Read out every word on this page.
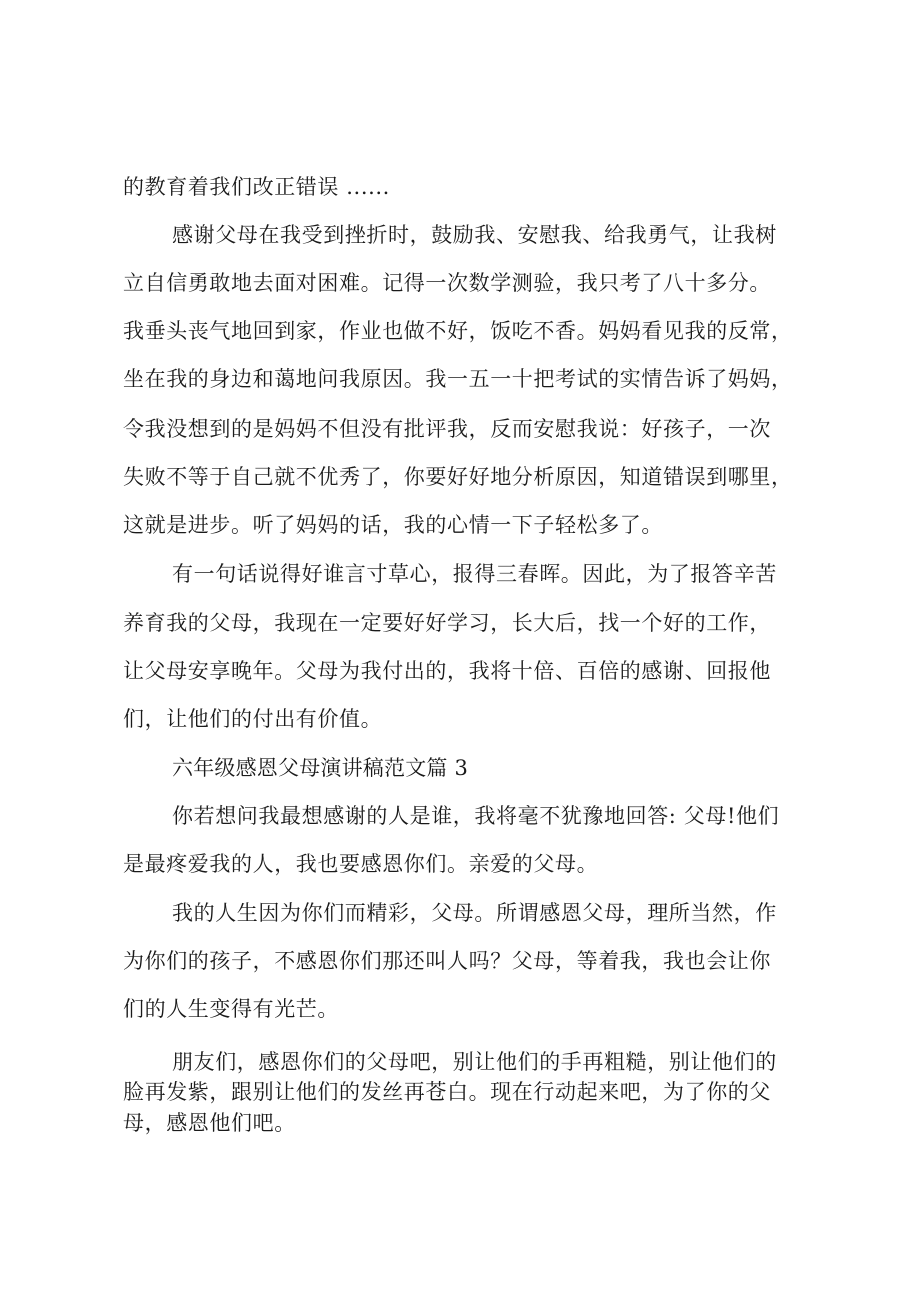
的教育着我们改正错误 ......

感谢父母在我受到挫折时，鼓励我、安慰我、给我勇气，让我树

立自信勇敢地去面对困难。记得一次数学测验，我只考了八十多分。

我垂头丧气地回到家，作业也做不好，饭吃不香。妈妈看见我的反常，

坐在我的身边和蔼地问我原因。我一五一十把考试的实情告诉了妈妈，

令我没想到的是妈妈不但没有批评我，反而安慰我说：好孩子，一次

失败不等于自己就不优秀了，你要好好地分析原因，知道错误到哪里，

这就是进步。听了妈妈的话，我的心情一下子轻松多了。

有一句话说得好谁言寸草心，报得三春晖。因此，为了报答辛苦

养育我的父母，我现在一定要好好学习，长大后，找一个好的工作，

让父母安享晚年。父母为我付出的，我将十倍、百倍的感谢、回报他

们，让他们的付出有价值。

六年级感恩父母演讲稿范文篇 3

你若想问我最想感谢的人是谁，我将毫不犹豫地回答: 父母!他们

是最疼爱我的人，我也要感恩你们。亲爱的父母。

我的人生因为你们而精彩，父母。所谓感恩父母，理所当然，作

为你们的孩子，不感恩你们那还叫人吗？父母，等着我，我也会让你

们的人生变得有光芒。

朋友们，感恩你们的父母吧，别让他们的手再粗糙，别让他们的

脸再发紫，跟别让他们的发丝再苍白。现在行动起来吧，为了你的父

母，感恩他们吧。
